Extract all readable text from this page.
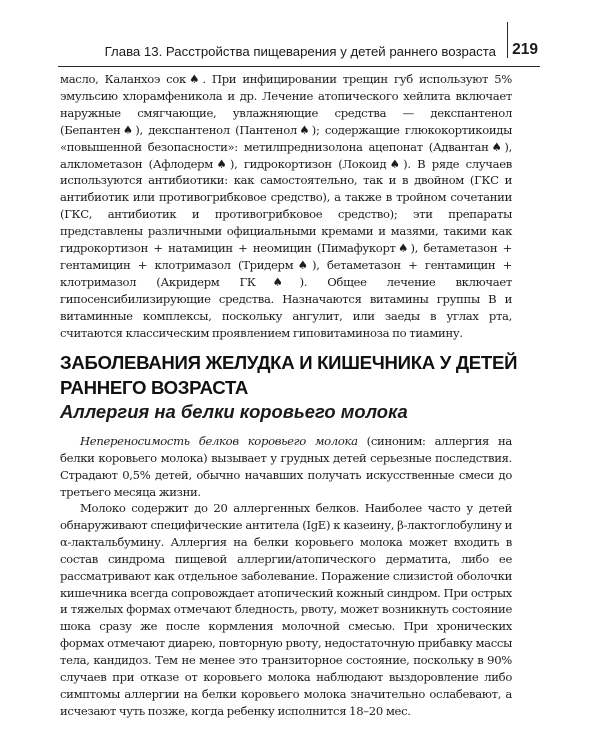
Глава 13. Расстройства пищеварения у детей раннего возраста 219

масло, Каланхоэ сок♠. При инфицировании трещин губ используют 5% эмульсию хлорамфеникола и др. Лечение атопического хейлита включает наружные смягчающие, увлажняющие средства — декспантенол (Бепантен♠), декспантенол (Пантенол♠); содержащие глюкокортикоиды «повышенной безопасности»: метилпреднизолона ацепонат (Адвантан♠), алклометазон (Афлодерм♠), гидрокортизон (Локоид♠). В ряде случаев используются антибиотики: как самостоятельно, так и в двойном (ГКС и антибиотик или противогрибковое средство), а также в тройном сочетании (ГКС, антибиотик и противогрибковое средство); эти препараты представлены различными официальными кремами и мазями, такими как гидрокортизон + натамицин + неомицин (Пимафукорт♠), бетаметазон + гентамицин + клотримазол (Тридерм♠), бетаметазон + гентамицин + клотримазол (Акридерм ГК♠). Общее лечение включает гипосенсибилизирующие средства. Назначаются витамины группы В и витаминные комплексы, поскольку ангулит, или заеды в углах рта, считаются классическим проявлением гиповитаминоза по тиамину.

ЗАБОЛЕВАНИЯ ЖЕЛУДКА И КИШЕЧНИКА У ДЕТЕЙ РАННЕГО ВОЗРАСТА
Аллергия на белки коровьего молока

Непереносимость белков коровьего молока (синоним: аллергия на белки коровьего молока) вызывает у грудных детей серьезные последствия. Страдают 0,5% детей, обычно начавших получать искусственные смеси до третьего месяца жизни.

Молоко содержит до 20 аллергенных белков. Наиболее часто у детей обнаруживают специфические антитела (IgE) к казеину, β-лактоглобулину и α-лактальбумину. Аллергия на белки коровьего молока может входить в состав синдрома пищевой аллергии/атопического дерматита, либо ее рассматривают как отдельное заболевание. Поражение слизистой оболочки кишечника всегда сопровождает атопический кожный синдром. При острых и тяжелых формах отмечают бледность, рвоту, может возникнуть состояние шока сразу же после кормления молочной смесью. При хронических формах отмечают диарею, повторную рвоту, недостаточную прибавку массы тела, кандидоз. Тем не менее это транзиторное состояние, поскольку в 90% случаев при отказе от коровьего молока наблюдают выздоровление либо симптомы аллергии на белки коровьего молока значительно ослабевают, а исчезают чуть позже, когда ребенку исполнится 18–20 мес.
